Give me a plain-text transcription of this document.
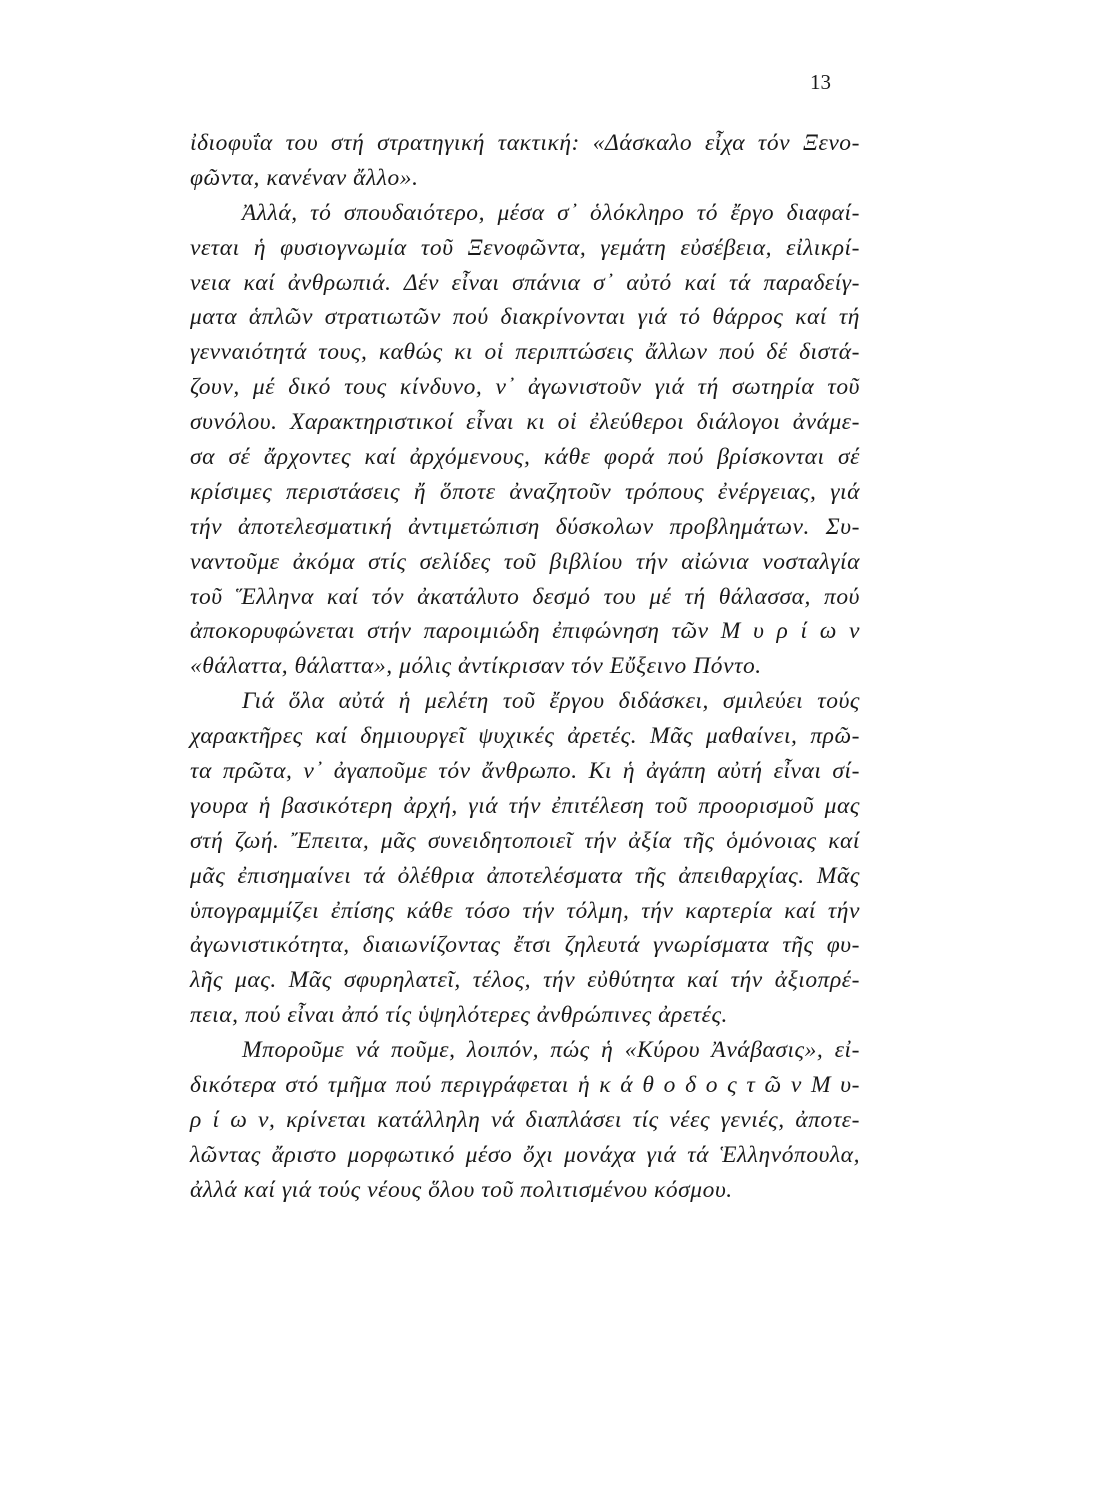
13
ἰδιοφυΐα του στή στρατηγική τακτική: «Δάσκαλο εἶχα τόν Ξενο-
φῶντα, κανέναν ἄλλο».
Ἀλλά, τό σπουδαιότερο, μέσα σ᾽ ὁλόκληρο τό ἔργο διαφαί-
νεται ἡ φυσιογνωμία τοῦ Ξενοφῶντα, γεμάτη εὐσέβεια, εἰλικρί-
νεια καί ἀνθρωπιά. Δέν εἶναι σπάνια σ᾽ αὐτό καί τά παραδείγ-
ματα ἁπλῶν στρατιωτῶν πού διακρίνονται γιά τό θάρρος καί τή
γενναιότητά τους, καθώς κι οἱ περιπτώσεις ἄλλων πού δέ διστά-
ζουν, μέ δικό τους κίνδυνο, ν᾽ ἀγωνιστοῦν γιά τή σωτηρία τοῦ
συνόλου. Χαρακτηριστικοί εἶναι κι οἱ ἐλεύθεροι διάλογοι ἀνάμε-
σα σέ ἄρχοντες καί ἀρχόμενους, κάθε φορά πού βρίσκονται σέ
κρίσιμες περιστάσεις ἤ ὅποτε ἀναζητοῦν τρόπους ἐνέργειας, γιά
τήν ἀποτελεσματική ἀντιμετώπιση δύσκολων προβλημάτων. Συ-
ναντοῦμε ἀκόμα στίς σελίδες τοῦ βιβλίου τήν αἰώνια νοσταλγία
τοῦ Ἕλληνα καί τόν ἀκατάλυτο δεσμό του μέ τή θάλασσα, πού
ἀποκορυφώνεται στήν παροιμιώδη ἐπιφώνηση τῶν Μ υ ρ ί ω ν
«θάλαττα, θάλαττα», μόλις ἀντίκρισαν τόν Εὔξεινο Πόντο.
Γιά ὅλα αὐτά ἡ μελέτη τοῦ ἔργου διδάσκει, σμιλεύει τούς
χαρακτῆρες καί δημιουργεῖ ψυχικές ἀρετές. Μᾶς μαθαίνει, πρῶ-
τα πρῶτα, ν᾽ ἀγαποῦμε τόν ἄνθρωπο. Κι ἡ ἀγάπη αὐτή εἶναι σί-
γουρα ἡ βασικότερη ἀρχή, γιά τήν ἐπιτέλεση τοῦ προορισμοῦ μας
στή ζωή. Ἔπειτα, μᾶς συνειδητοποιεῖ τήν ἀξία τῆς ὁμόνοιας καί
μᾶς ἐπισημαίνει τά ὀλέθρια ἀποτελέσματα τῆς ἀπειθαρχίας. Μᾶς
ὑπογραμμίζει ἐπίσης κάθε τόσο τήν τόλμη, τήν καρτερία καί τήν
ἀγωνιστικότητα, διαιωνίζοντας ἔτσι ζηλευτά γνωρίσματα τῆς φυ-
λῆς μας. Μᾶς σφυρηλατεῖ, τέλος, τήν εὐθύτητα καί τήν ἀξιοπρέ-
πεια, πού εἶναι ἀπό τίς ὑψηλότερες ἀνθρώπινες ἀρετές.
Μποροῦμε νά ποῦμε, λοιπόν, πώς ἡ «Κύρου Ἀνάβασις», εἰ-
δικότερα στό τμῆμα πού περιγράφεται ἡ κ ά θ ο δ ο ς τ ῶ ν Μ υ-
ρ ί ω ν, κρίνεται κατάλληλη νά διαπλάσει τίς νέες γενιές, ἀποτε-
λῶντας ἄριστο μορφωτικό μέσο ὄχι μονάχα γιά τά Ἑλληνόπουλα,
ἀλλά καί γιά τούς νέους ὅλου τοῦ πολιτισμένου κόσμου.
